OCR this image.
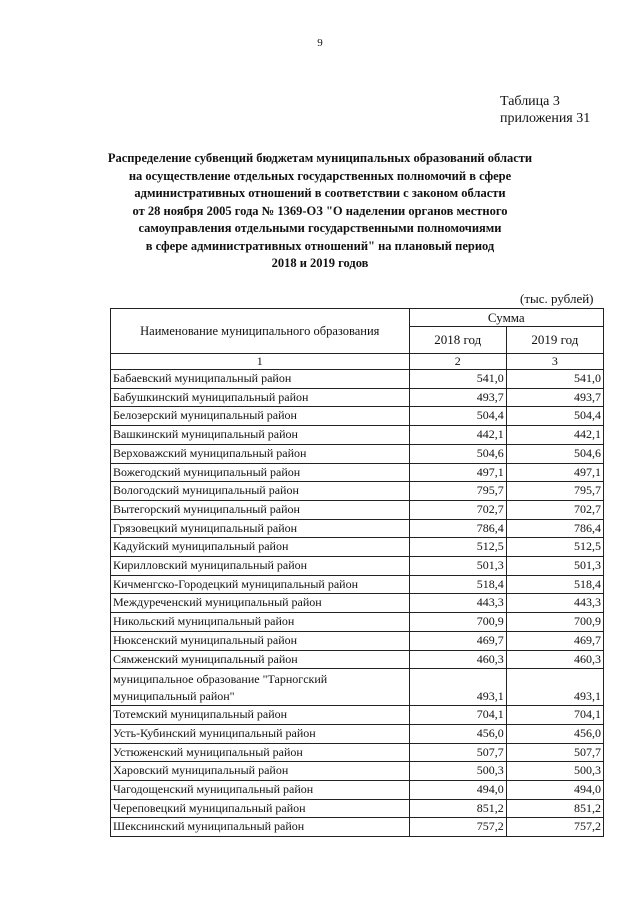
9
Таблица 3
приложения 31
Распределение субвенций бюджетам муниципальных образований области
на осуществление отдельных государственных полномочий в сфере
административных отношений в соответствии с законом области
от 28 ноября 2005 года № 1369-ОЗ "О наделении органов местного
самоуправления отдельными государственными полномочиями
в сфере административных отношений" на плановый период
2018 и 2019 годов
(тыс. рублей)
Наименование муниципального образования	Сумма	
	2018 год	2019 год
1	2	3
Бабаевский муниципальный район	541,0	541,0
Бабушкинский муниципальный район	493,7	493,7
Белозерский муниципальный район	504,4	504,4
Вашкинский муниципальный район	442,1	442,1
Верховажский муниципальный район	504,6	504,6
Вожегодский муниципальный район	497,1	497,1
Вологодский муниципальный район	795,7	795,7
Вытегорский муниципальный район	702,7	702,7
Грязовецкий муниципальный район	786,4	786,4
Кадуйский муниципальный район	512,5	512,5
Кирилловский муниципальный район	501,3	501,3
Кичменгско-Городецкий муниципальный район	518,4	518,4
Междуреченский муниципальный район	443,3	443,3
Никольский муниципальный район	700,9	700,9
Нюксенский муниципальный район	469,7	469,7
Сямженский муниципальный район	460,3	460,3
муниципальное образование "Тарногский муниципальный район"	493,1	493,1
Тотемский муниципальный район	704,1	704,1
Усть-Кубинский муниципальный район	456,0	456,0
Устюженский муниципальный район	507,7	507,7
Харовский муниципальный район	500,3	500,3
Чагодощенский муниципальный район	494,0	494,0
Череповецкий муниципальный район	851,2	851,2
Шекснинский муниципальный район	757,2	757,2
